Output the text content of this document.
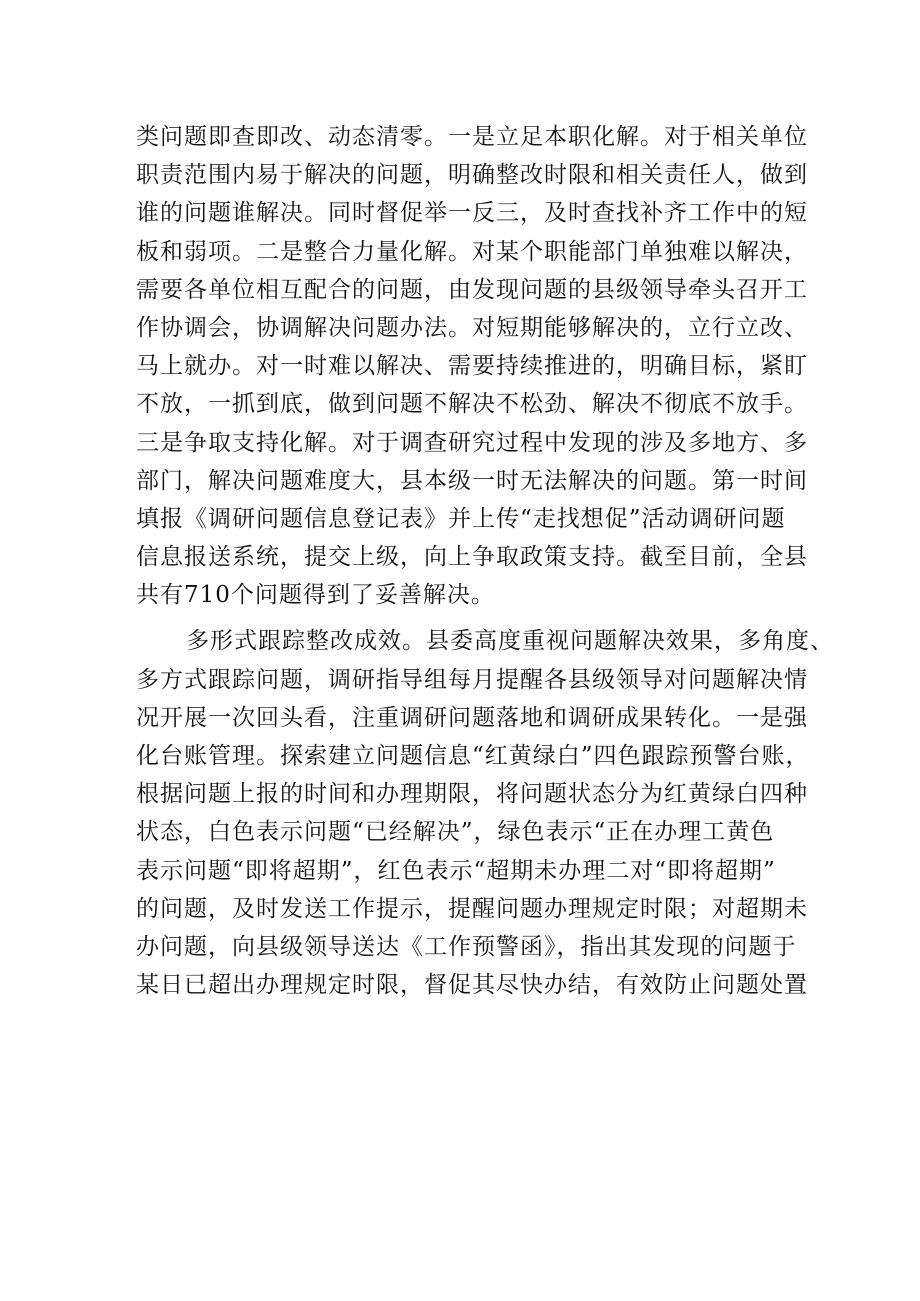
类问题即查即改、动态清零。一是立足本职化解。对于相关单位
职责范围内易于解决的问题，明确整改时限和相关责任人，做到
谁的问题谁解决。同时督促举一反三，及时查找补齐工作中的短
板和弱项。二是整合力量化解。对某个职能部门单独难以解决，
需要各单位相互配合的问题，由发现问题的县级领导牵头召开工
作协调会，协调解决问题办法。对短期能够解决的，立行立改、
马上就办。对一时难以解决、需要持续推进的，明确目标，紧盯
不放，一抓到底，做到问题不解决不松劲、解决不彻底不放手。
三是争取支持化解。对于调查研究过程中发现的涉及多地方、多
部门，解决问题难度大，县本级一时无法解决的问题。第一时间
填报《调研问题信息登记表》并上传“走找想促”活动调研问题
信息报送系统，提交上级，向上争取政策支持。截至目前，全县
共有710个问题得到了妥善解决。
多形式跟踪整改成效。县委高度重视问题解决效果，多角度、
多方式跟踪问题，调研指导组每月提醒各县级领导对问题解决情
况开展一次回头看，注重调研问题落地和调研成果转化。一是强
化台账管理。探索建立问题信息“红黄绿白”四色跟踪预警台账，
根据问题上报的时间和办理期限，将问题状态分为红黄绿白四种
状态，白色表示问题“已经解决”，绿色表示“正在办理工黄色
表示问题“即将超期”，红色表示“超期未办理二对“即将超期”
的问题，及时发送工作提示，提醒问题办理规定时限；对超期未
办问题，向县级领导送达《工作预警函》，指出其发现的问题于
某日已超出办理规定时限，督促其尽快办结，有效防止问题处置
